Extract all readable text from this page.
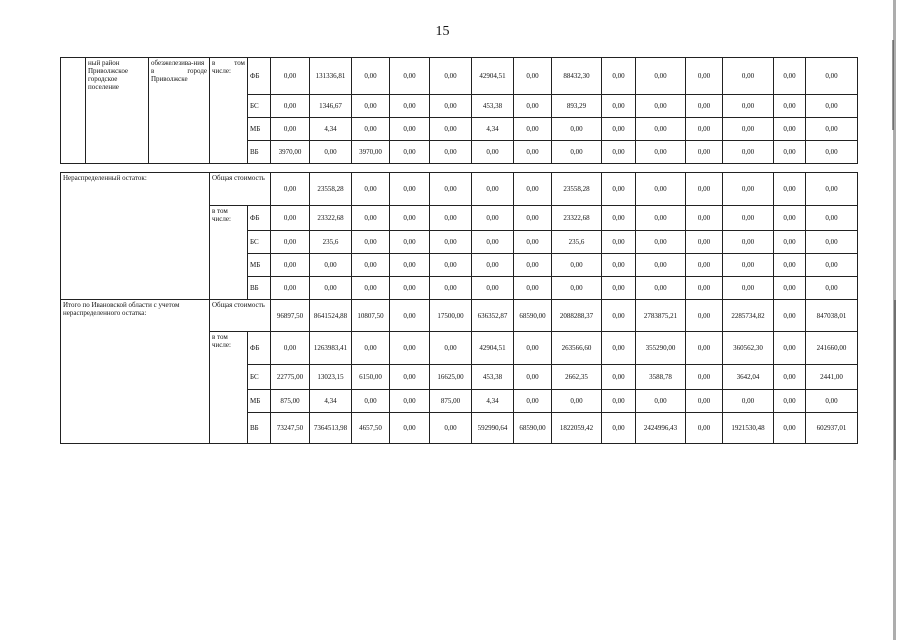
15
	ный район Приволжское городское поселение	обезжелезива-ния в городе Приволжске	в том числе:	ФБ	0,00	131336,81	0,00	0,00	0,00	42904,51	0,00	88432,30	0,00	0,00	0,00	0,00	0,00	0,00
				БС	0,00	1346,67	0,00	0,00	0,00	453,38	0,00	893,29	0,00	0,00	0,00	0,00	0,00	0,00
				МБ	0,00	4,34	0,00	0,00	0,00	4,34	0,00	0,00	0,00	0,00	0,00	0,00	0,00	0,00
				ВБ	3970,00	0,00	3970,00	0,00	0,00	0,00	0,00	0,00	0,00	0,00	0,00	0,00	0,00	0,00
Нераспределенный остаток:	Общая стоимость		0,00	23558,28	0,00	0,00	0,00	0,00	0,00	23558,28	0,00	0,00	0,00	0,00	0,00	0,00
	в том числе:	ФБ	0,00	23322,68	0,00	0,00	0,00	0,00	0,00	23322,68	0,00	0,00	0,00	0,00	0,00	0,00
		БС	0,00	235,6	0,00	0,00	0,00	0,00	0,00	235,6	0,00	0,00	0,00	0,00	0,00	0,00
		МБ	0,00	0,00	0,00	0,00	0,00	0,00	0,00	0,00	0,00	0,00	0,00	0,00	0,00	0,00
		ВБ	0,00	0,00	0,00	0,00	0,00	0,00	0,00	0,00	0,00	0,00	0,00	0,00	0,00	0,00
Итого по Ивановской области с учетом нераспределенного остатка:	Общая стоимость		96897,50	8641524,88	10807,50	0,00	17500,00	636352,87	68590,00	2088288,37	0,00	2783875,21	0,00	2285734,82	0,00	847038,01
	в том числе:	ФБ	0,00	1263983,41	0,00	0,00	0,00	42904,51	0,00	263566,60	0,00	355290,00	0,00	360562,30	0,00	241660,00
		БС	22775,00	13023,15	6150,00	0,00	16625,00	453,38	0,00	2662,35	0,00	3588,78	0,00	3642,04	0,00	2441,00
		МБ	875,00	4,34	0,00	0,00	875,00	4,34	0,00	0,00	0,00	0,00	0,00	0,00	0,00	0,00
		ВБ	73247,50	7364513,98	4657,50	0,00	0,00	592990,64	68590,00	1822059,42	0,00	2424996,43	0,00	1921530,48	0,00	602937,01
